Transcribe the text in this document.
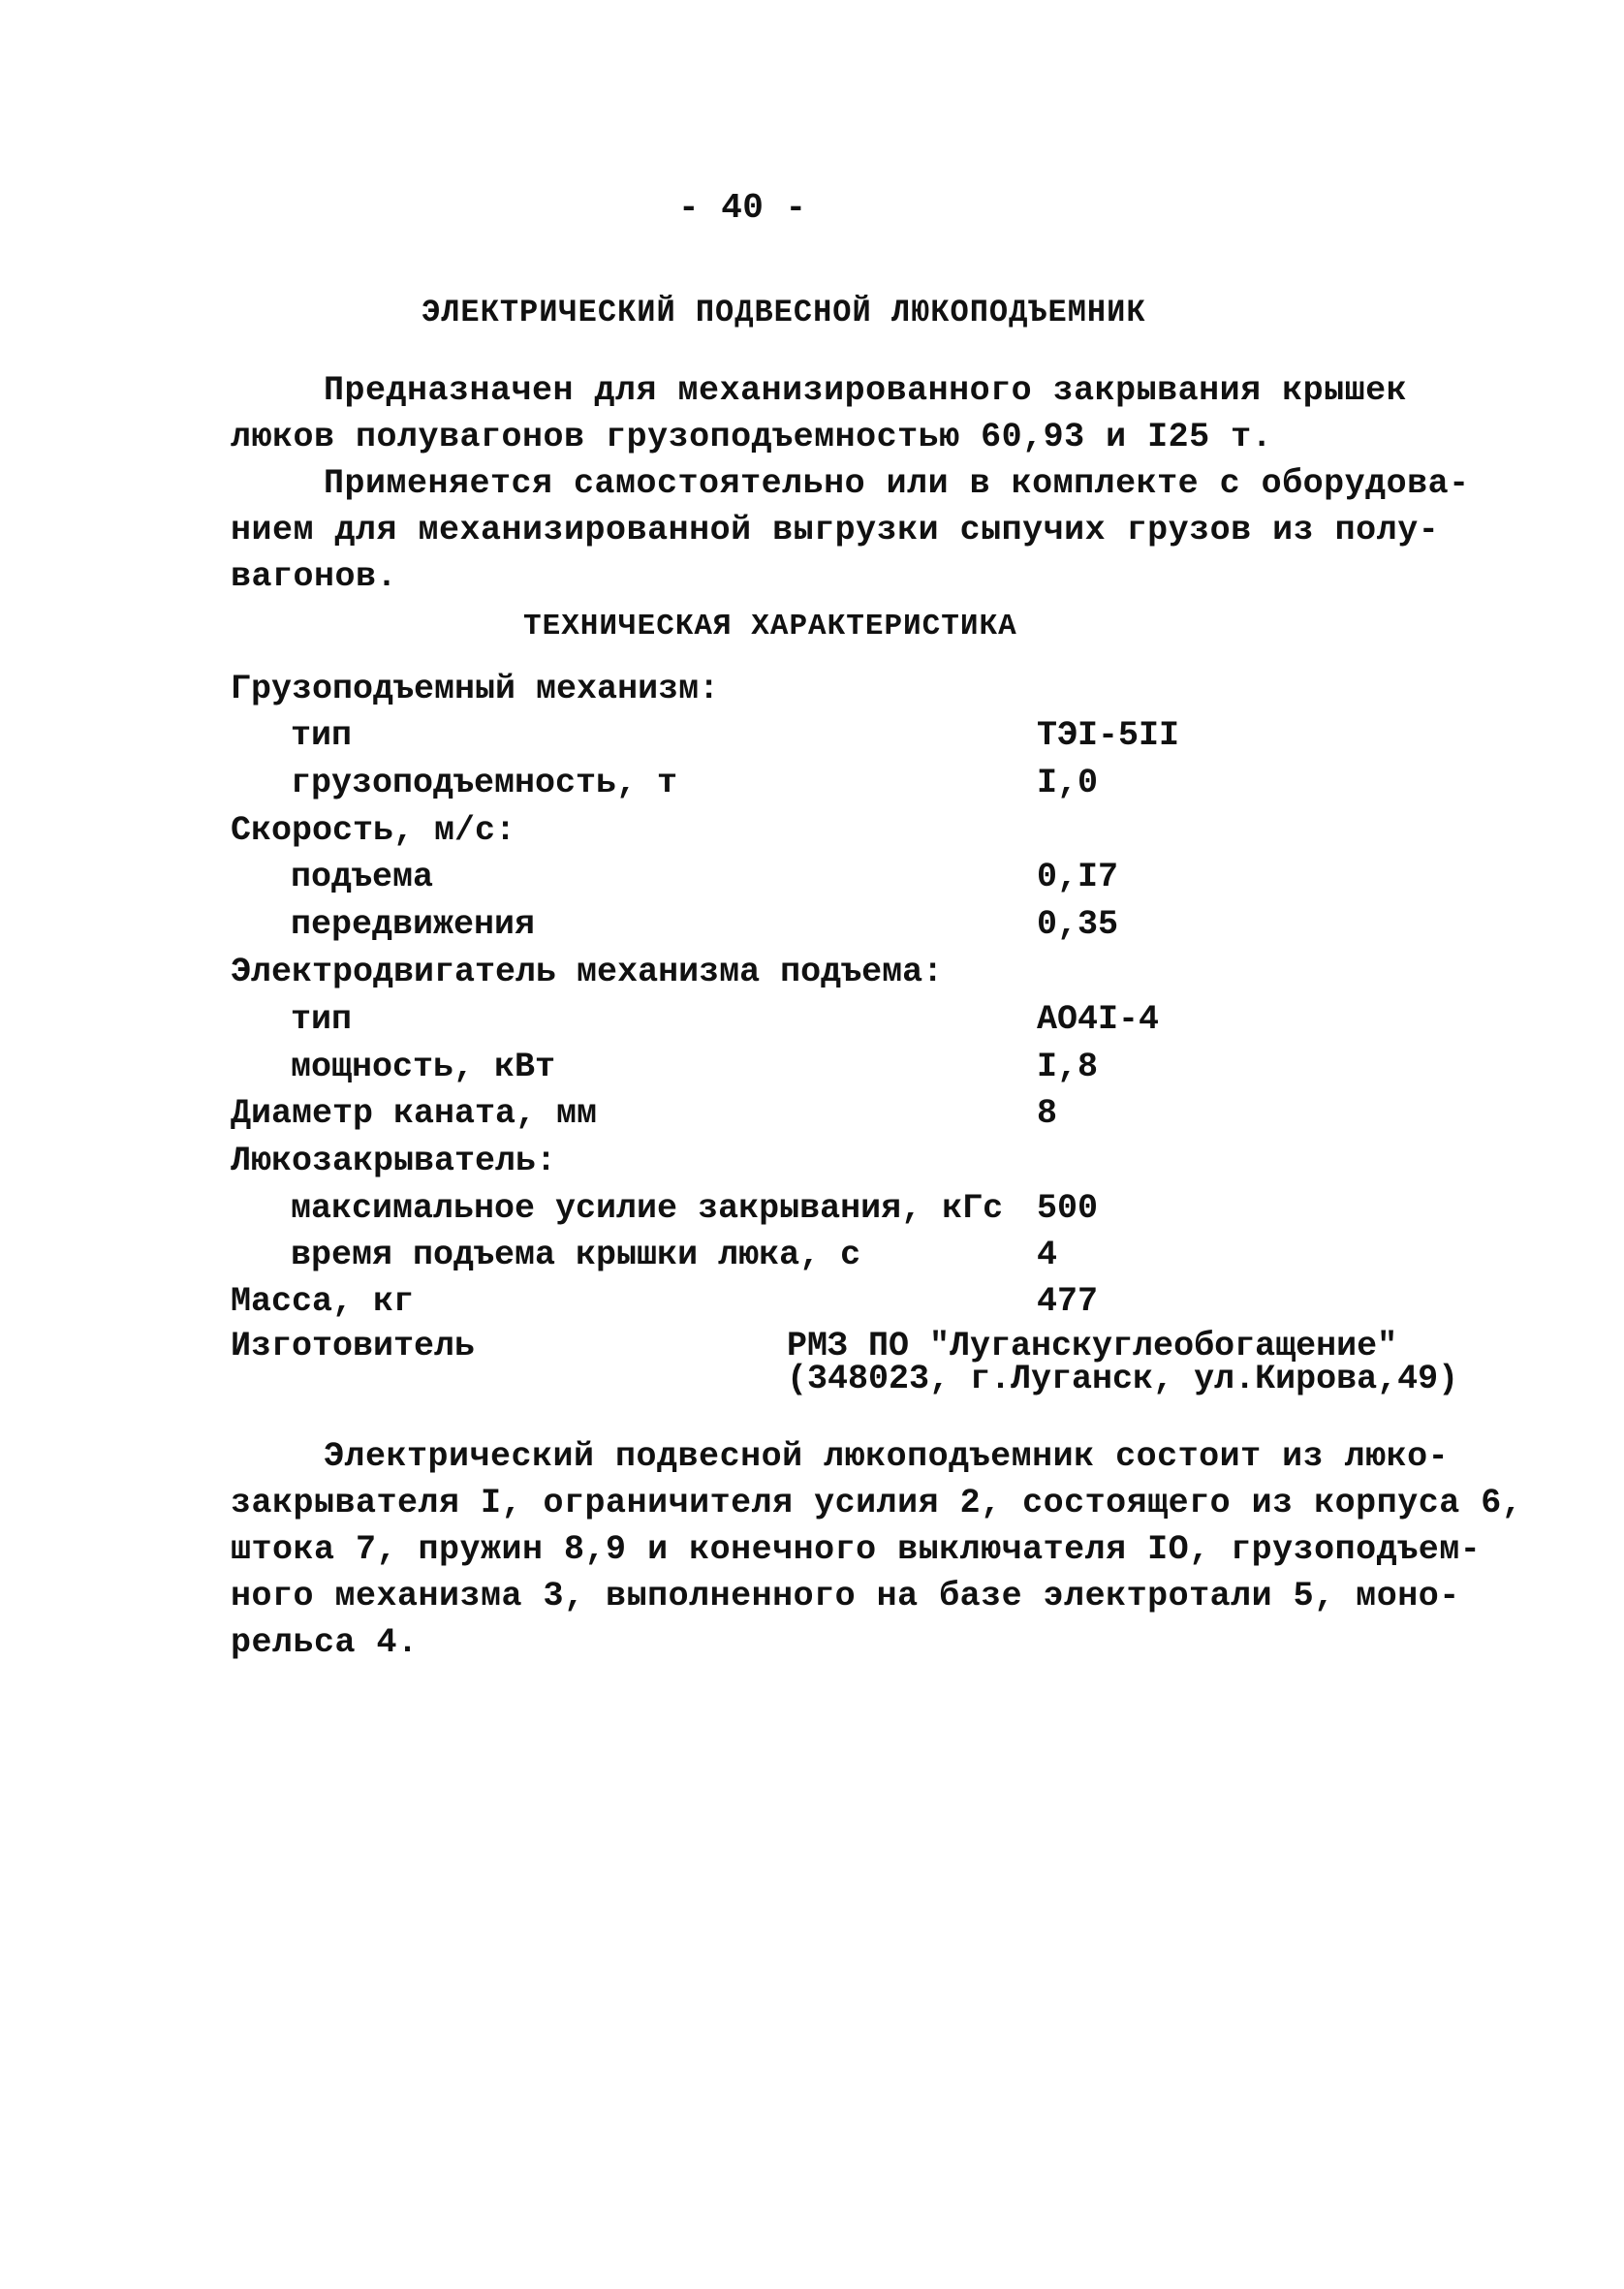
- 40 -
ЭЛЕКТРИЧЕСКИЙ ПОДВЕСНОЙ ЛЮКОПОДЪЕМНИК
Предназначен для механизированного закрывания крышек
люков полувагонов грузоподъемностью 60,93 и I25 т.
Применяется самостоятельно или в комплекте с оборудова-
нием для механизированной выгрузки сыпучих грузов из полу-
вагонов.
ТЕХНИЧЕСКАЯ ХАРАКТЕРИСТИКА
Грузоподъемный механизм:
тип	ТЭI-5II
грузоподъемность, т	I,0
Скорость, м/с:
подъема	0,I7
передвижения	0,35
Электродвигатель механизма подъема:
тип	АО4I-4
мощность, кВт	I,8
Диаметр каната, мм	8
Люкозакрыватель:
максимальное усилие закрывания, кГс 500
время подъема крышки люка, с	4
Масса, кг	477
Изготовитель	РМЗ ПО "Луганскуглеобогащение"
(348023, г.Луганск, ул.Кирова,49)
Электрический подвесной люкоподъемник состоит из люко-
закрывателя I, ограничителя усилия 2, состоящего из корпуса 6,
штока 7, пружин 8,9 и конечного выключателя IO, грузоподъем-
ного механизма 3, выполненного на базе электротали 5, моно-
рельса 4.
